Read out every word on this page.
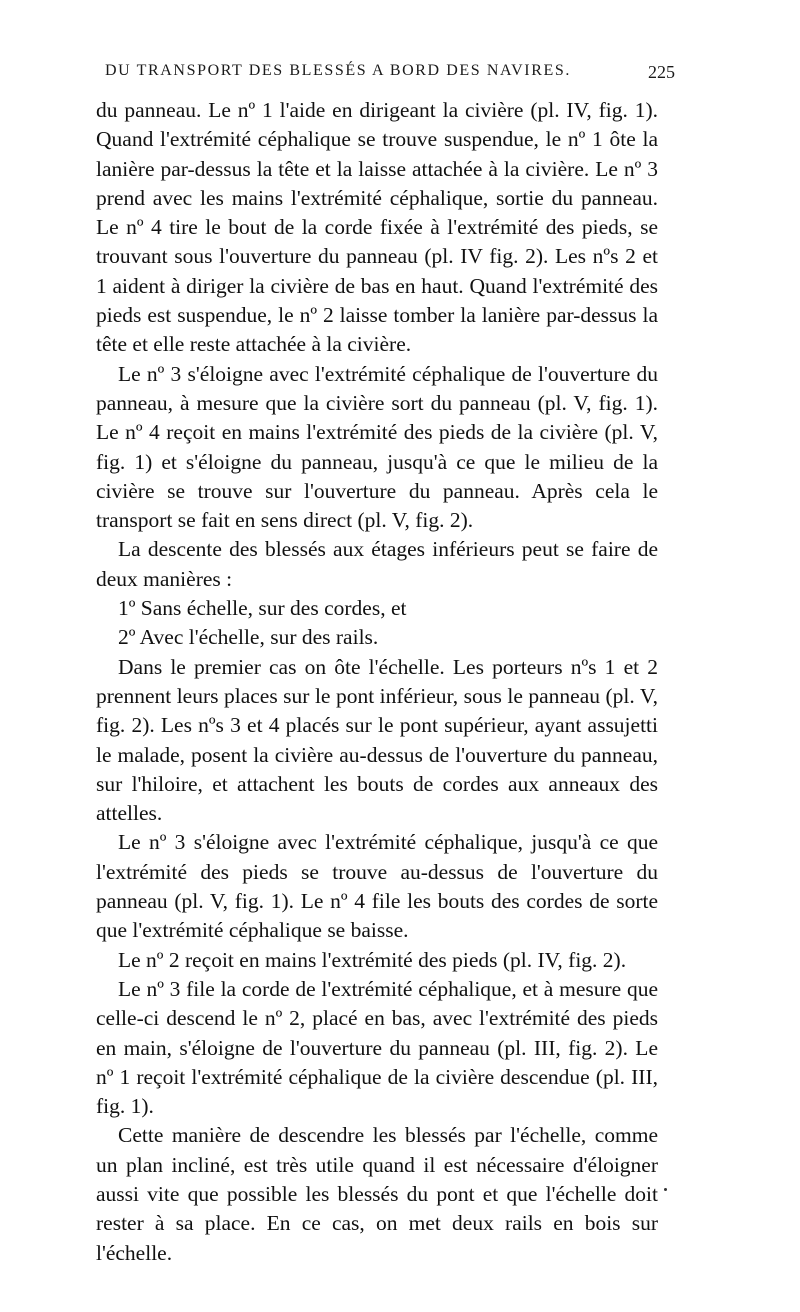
DU TRANSPORT DES BLESSÉS A BORD DES NAVIRES.	225

du panneau. Le nº 1 l'aide en dirigeant la civière (pl. IV, fig. 1). Quand l'extrémité céphalique se trouve suspendue, le nº 1 ôte la lanière par-dessus la tête et la laisse attachée à la civière. Le nº 3 prend avec les mains l'extrémité céphalique, sortie du panneau. Le nº 4 tire le bout de la corde fixée à l'extrémité des pieds, se trouvant sous l'ouverture du panneau (pl. IV fig. 2). Les nºs 2 et 1 aident à diriger la civière de bas en haut. Quand l'extrémité des pieds est suspendue, le nº 2 laisse tomber la lanière par-dessus la tête et elle reste attachée à la civière.

Le nº 3 s'éloigne avec l'extrémité céphalique de l'ouverture du panneau, à mesure que la civière sort du panneau (pl. V, fig. 1). Le nº 4 reçoit en mains l'extrémité des pieds de la civière (pl. V, fig. 1) et s'éloigne du panneau, jusqu'à ce que le milieu de la civière se trouve sur l'ouverture du panneau. Après cela le transport se fait en sens direct (pl. V, fig. 2).

La descente des blessés aux étages inférieurs peut se faire de deux manières :

1º Sans échelle, sur des cordes, et

2º Avec l'échelle, sur des rails.

Dans le premier cas on ôte l'échelle. Les porteurs nºs 1 et 2 prennent leurs places sur le pont inférieur, sous le panneau (pl. V, fig. 2). Les nºs 3 et 4 placés sur le pont supérieur, ayant assujetti le malade, posent la civière au-dessus de l'ouverture du panneau, sur l'hiloire, et attachent les bouts de cordes aux anneaux des attelles.

Le nº 3 s'éloigne avec l'extrémité céphalique, jusqu'à ce que l'extrémité des pieds se trouve au-dessus de l'ouverture du panneau (pl. V, fig. 1). Le nº 4 file les bouts des cordes de sorte que l'extrémité céphalique se baisse.

Le nº 2 reçoit en mains l'extrémité des pieds (pl. IV, fig. 2).

Le nº 3 file la corde de l'extrémité céphalique, et à mesure que celle-ci descend le nº 2, placé en bas, avec l'extrémité des pieds en main, s'éloigne de l'ouverture du panneau (pl. III, fig. 2). Le nº 1 reçoit l'extrémité céphalique de la civière descendue (pl. III, fig. 1).

Cette manière de descendre les blessés par l'échelle, comme un plan incliné, est très utile quand il est nécessaire d'éloigner aussi vite que possible les blessés du pont et que l'échelle doit rester à sa place. En ce cas, on met deux rails en bois sur l'échelle.
